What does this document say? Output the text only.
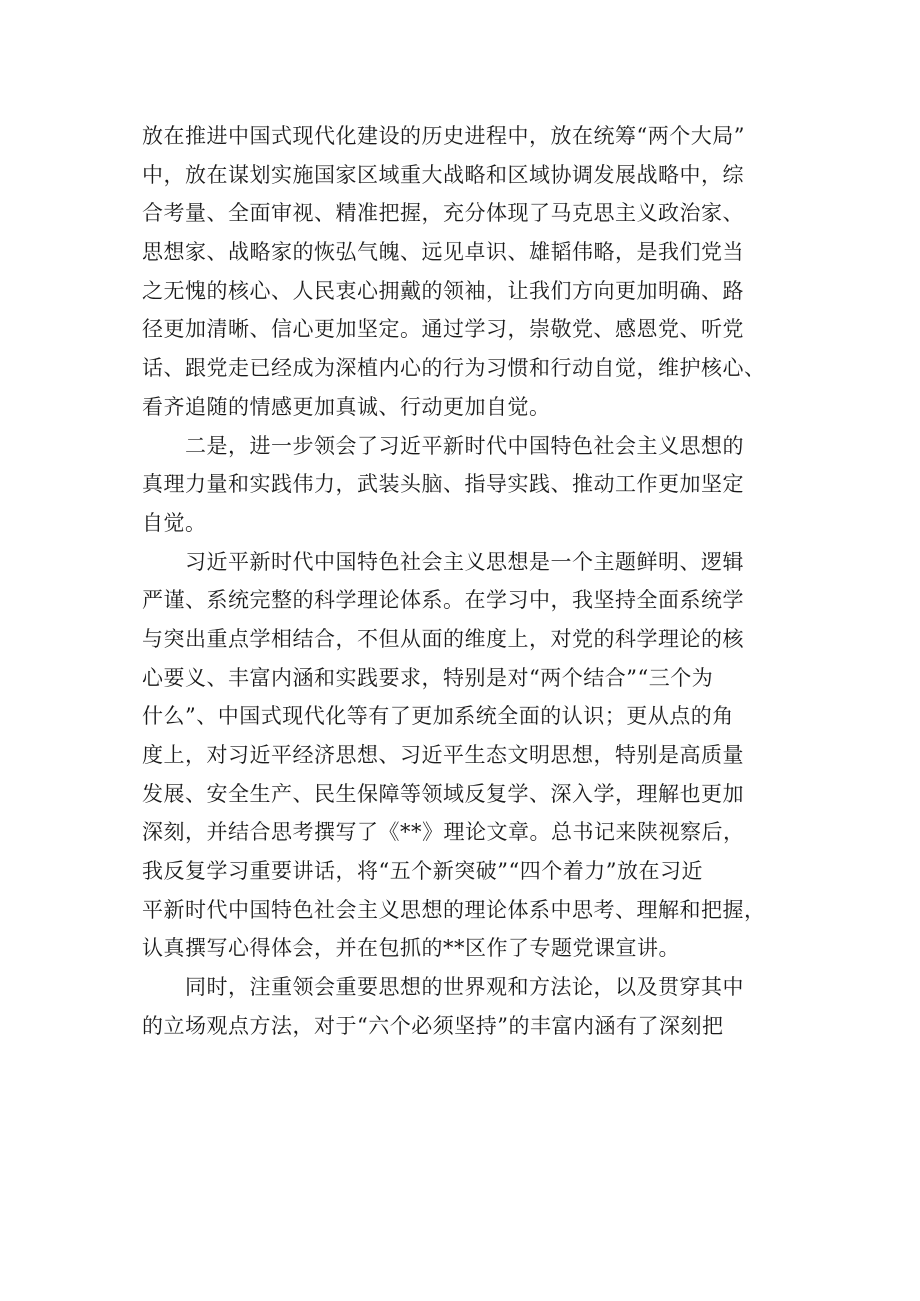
放在推进中国式现代化建设的历史进程中，放在统筹“两个大局”
中，放在谋划实施国家区域重大战略和区域协调发展战略中，综
合考量、全面审视、精准把握，充分体现了马克思主义政治家、
思想家、战略家的恢弘气魄、远见卓识、雄韬伟略，是我们党当
之无愧的核心、人民衷心拥戴的领袖，让我们方向更加明确、路
径更加清晰、信心更加坚定。通过学习，崇敬党、感恩党、听党
话、跟党走已经成为深植内心的行为习惯和行动自觉，维护核心、
看齐追随的情感更加真诚、行动更加自觉。
　　二是，进一步领会了习近平新时代中国特色社会主义思想的
真理力量和实践伟力，武装头脑、指导实践、推动工作更加坚定
自觉。
　　习近平新时代中国特色社会主义思想是一个主题鲜明、逻辑
严谨、系统完整的科学理论体系。在学习中，我坚持全面系统学
与突出重点学相结合，不但从面的维度上，对党的科学理论的核
心要义、丰富内涵和实践要求，特别是对“两个结合”“三个为
什么”、中国式现代化等有了更加系统全面的认识；更从点的角
度上，对习近平经济思想、习近平生态文明思想，特别是高质量
发展、安全生产、民生保障等领域反复学、深入学，理解也更加
深刻，并结合思考撰写了《**》理论文章。总书记来陕视察后，
我反复学习重要讲话，将“五个新突破”“四个着力”放在习近
平新时代中国特色社会主义思想的理论体系中思考、理解和把握，
认真撰写心得体会，并在包抓的**区作了专题党课宣讲。
　　同时，注重领会重要思想的世界观和方法论，以及贯穿其中
的立场观点方法，对于“六个必须坚持”的丰富内涵有了深刻把
